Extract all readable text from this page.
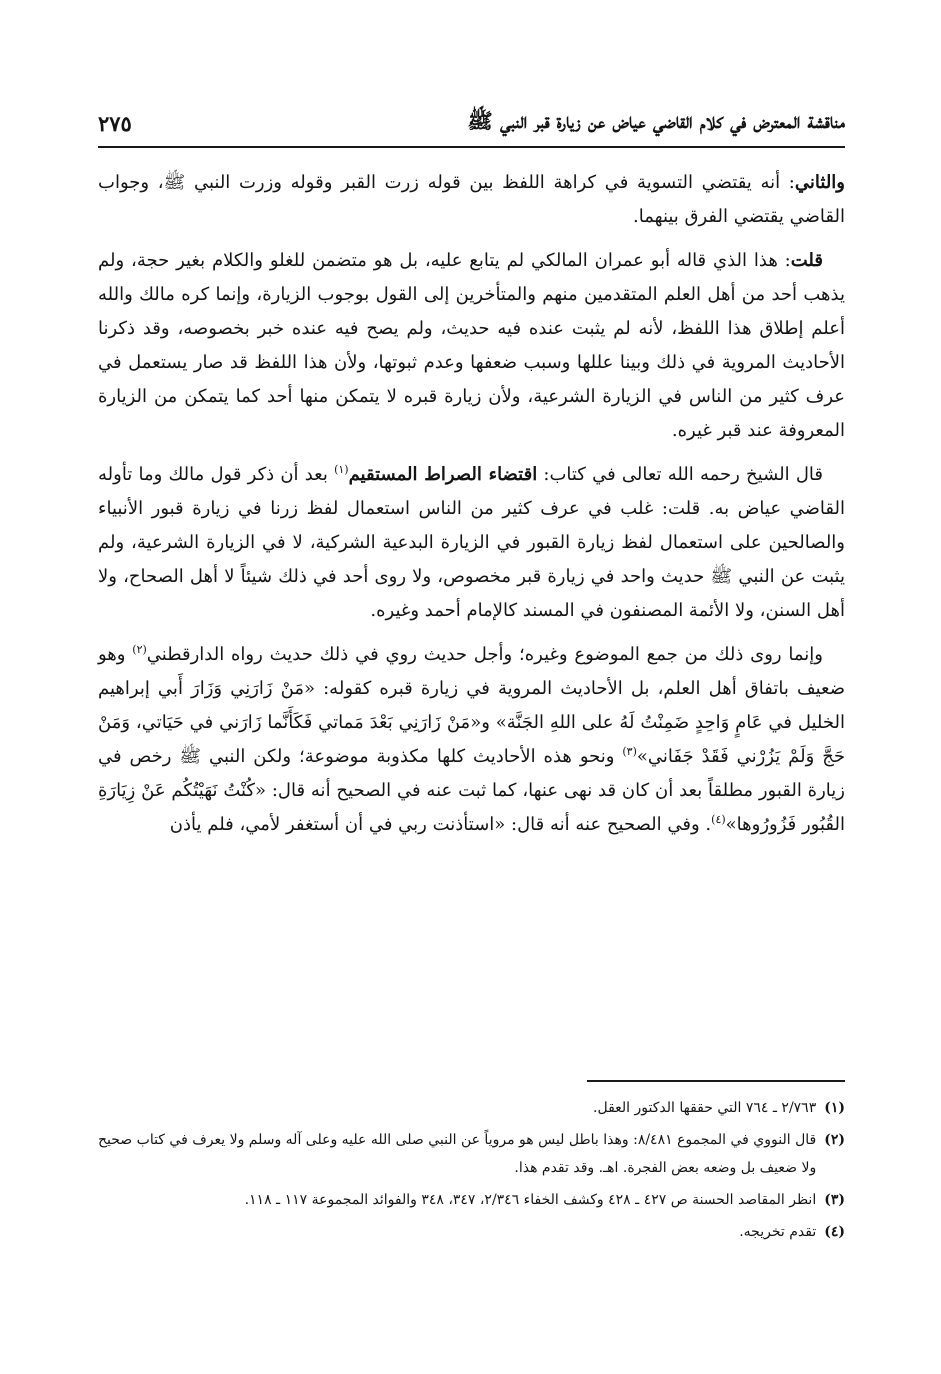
مناقشة المعترض في كلام القاضي عياض عن زيارة قبر النبي ﷺ
٢٧٥

والثاني: أنه يقتضي التسوية في كراهة اللفظ بين قوله زرت القبر وقوله وزرت النبي ﷺ، وجواب القاضي يقتضي الفرق بينهما.

قلت: هذا الذي قاله أبو عمران المالكي لم يتابع عليه، بل هو متضمن للغلو والكلام بغير حجة، ولم يذهب أحد من أهل العلم المتقدمين منهم والمتأخرين إلى القول بوجوب الزيارة، وإنما كره مالك والله أعلم إطلاق هذا اللفظ، لأنه لم يثبت عنده فيه حديث، ولم يصح فيه عنده خبر بخصوصه، وقد ذكرنا الأحاديث المروية في ذلك وبينا عللها وسبب ضعفها وعدم ثبوتها، ولأن هذا اللفظ قد صار يستعمل في عرف كثير من الناس في الزيارة الشرعية، ولأن زيارة قبره لا يتمكن منها أحد كما يتمكن من الزيارة المعروفة عند قبر غيره.

قال الشيخ رحمه الله تعالى في كتاب: اقتضاء الصراط المستقيم$^{(١)}$ بعد أن ذكر قول مالك وما تأوله القاضي عياض به. قلت: غلب في عرف كثير من الناس استعمال لفظ زرنا في زيارة قبور الأنبياء والصالحين على استعمال لفظ زيارة القبور في الزيارة البدعية الشركية، لا في الزيارة الشرعية، ولم يثبت عن النبي ﷺ حديث واحد في زيارة قبر مخصوص، ولا روى أحد في ذلك شيئاً لا أهل الصحاح، ولا أهل السنن، ولا الأئمة المصنفون في المسند كالإمام أحمد وغيره.

وإنما روى ذلك من جمع الموضوع وغيره؛ وأجل حديث روي في ذلك حديث رواه الدارقطني$^{(٢)}$ وهو ضعيف باتفاق أهل العلم، بل الأحاديث المروية في زيارة قبره كقوله: «مَنْ زَارَنِي وَزَارَ أَبي إبراهيم الخليل في عَامٍ وَاحِدٍ ضَمِنْتُ لَهُ على اللهِ الجَنَّة» و«مَنْ زَارَنِي بَعْدَ مَماتي فَكَأَنَّما زَارَني في حَيَاتي، وَمَنْ حَجَّ وَلَمْ يَزُرْني فَقَدْ جَفَاني»$^{(٣)}$ ونحو هذه الأحاديث كلها مكذوبة موضوعة؛ ولكن النبي ﷺ رخص في زيارة القبور مطلقاً بعد أن كان قد نهى عنها، كما ثبت عنه في الصحيح أنه قال: «كُنْتُ نَهَيْتُكُم عَنْ زِيَارَةِ القُبُور فَزُورُوها»$^{(٤)}$. وفي الصحيح عنه أنه قال: «استأذنت ربي في أن أستغفر لأمي، فلم يأذن

(١)
٢/٧٦٣ ـ ٧٦٤ التي حققها الدكتور العقل.
(٢)
قال النووي في المجموع ٨/٤٨١: وهذا باطل ليس هو مروياً عن النبي صلى الله عليه وعلى آله وسلم ولا يعرف في كتاب صحيح ولا ضعيف بل وضعه بعض الفجرة. اهـ. وقد تقدم هذا.
(٣)
انظر المقاصد الحسنة ص ٤٢٧ ـ ٤٢٨ وكشف الخفاء ٢/٣٤٦، ٣٤٧، ٣٤٨ والفوائد المجموعة ١١٧ ـ ١١٨.
(٤)
تقدم تخريجه.
